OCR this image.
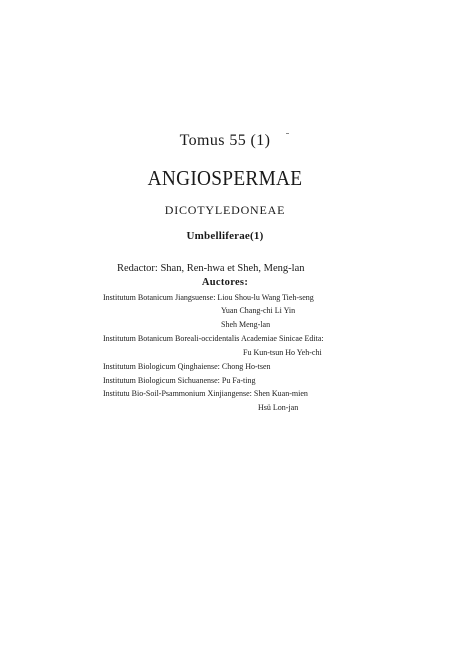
Tomus 55 (1)
ANGIOSPERMAE
DICOTYLEDONEAE
Umbelliferae(1)
Redactor: Shan, Ren-hwa et Sheh, Meng-lan
Auctores:
Institutum Botanicum Jiangsuense: Liou Shou-lu Wang Tieh-seng
Yuan Chang-chi Li Yin
Sheh Meng-lan
Institutum Botanicum Boreali-occidentalis Academiae Sinicae Edita:
Fu Kun-tsun Ho Yeh-chi
Institutum Biologicum Qinghaiense: Chong Ho-tsen
Institutum Biologicum Sichuanense: Pu Fa-ting
Institutu Bio-Soil-Psammonium Xinjiangense: Shen Kuan-mien
Hsü Lon-jan
